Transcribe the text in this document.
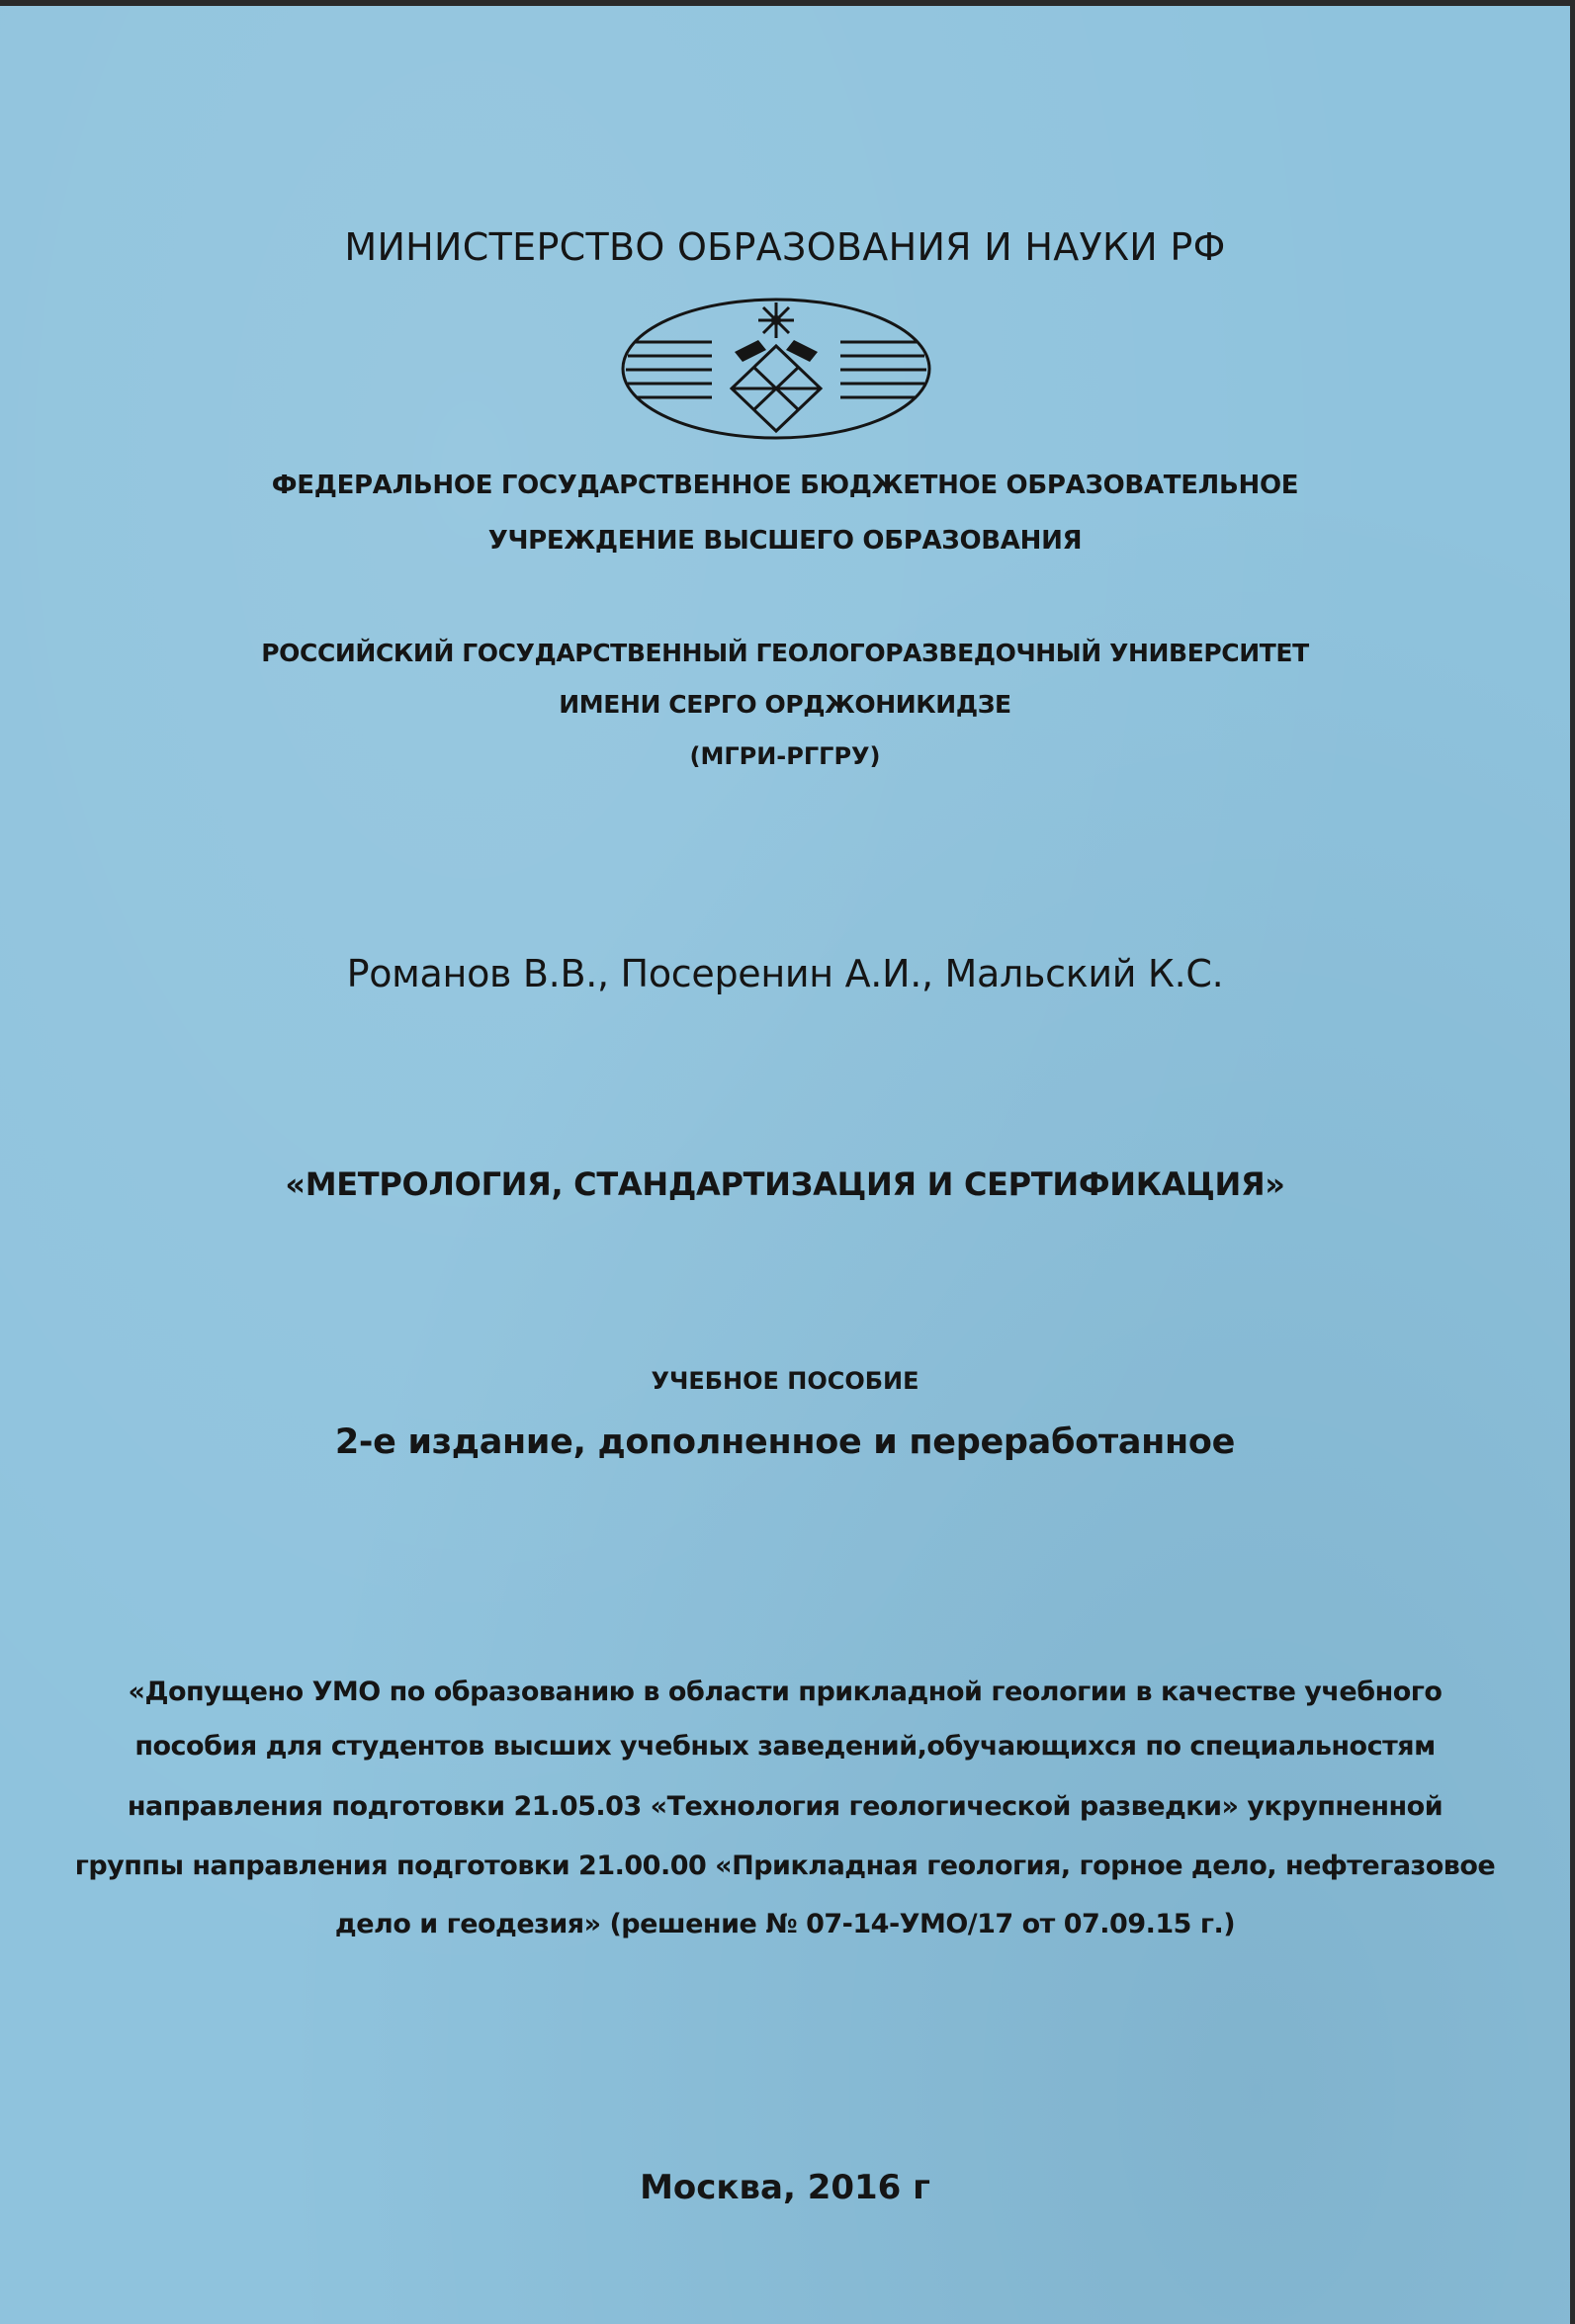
МИНИСТЕРСТВО ОБРАЗОВАНИЯ И НАУКИ РФ
ФЕДЕРАЛЬНОЕ ГОСУДАРСТВЕННОЕ БЮДЖЕТНОЕ ОБРАЗОВАТЕЛЬНОЕ
УЧРЕЖДЕНИЕ ВЫСШЕГО ОБРАЗОВАНИЯ
РОССИЙСКИЙ ГОСУДАРСТВЕННЫЙ ГЕОЛОГОРАЗВЕДОЧНЫЙ УНИВЕРСИТЕТ
ИМЕНИ СЕРГО ОРДЖОНИКИДЗЕ
(МГРИ-РГГРУ)
Романов В.В., Посеренин А.И., Мальский К.С.
«МЕТРОЛОГИЯ, СТАНДАРТИЗАЦИЯ И СЕРТИФИКАЦИЯ»
УЧЕБНОЕ ПОСОБИЕ
2-е издание, дополненное и переработанное
«Допущено УМО по образованию в области прикладной геологии в качестве учебного
пособия для студентов высших учебных заведений,обучающихся по специальностям
направления подготовки 21.05.03 «Технология геологической разведки» укрупненной
группы направления подготовки 21.00.00 «Прикладная геология, горное дело, нефтегазовое
дело и геодезия» (решение № 07-14-УМО/17 от 07.09.15 г.)
Москва, 2016 г
